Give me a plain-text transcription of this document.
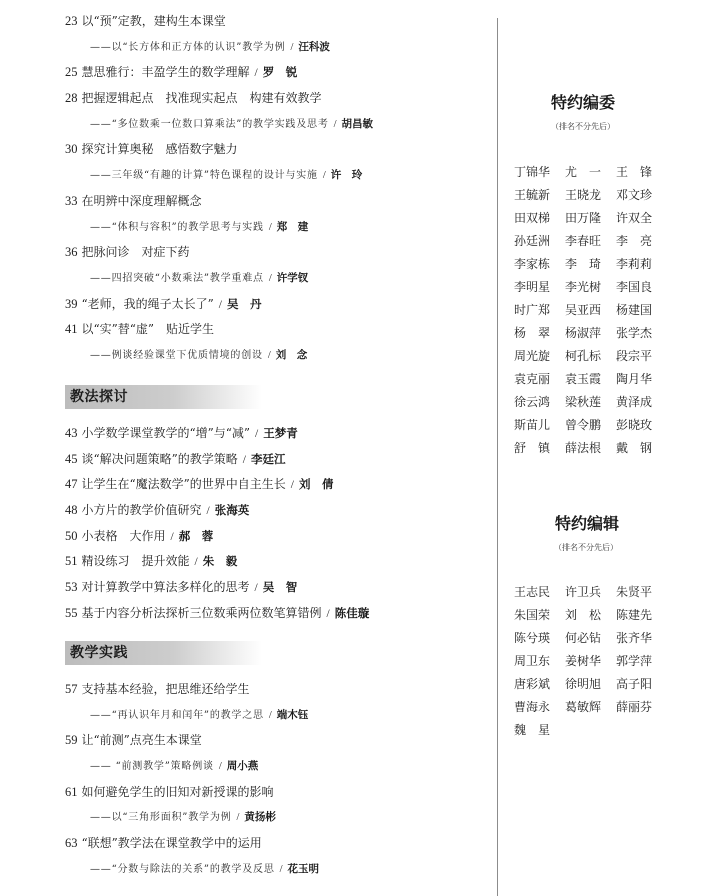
23 以“预”定教，建构生本课堂
——以“长方体和正方体的认识”教学为例 / 汪科波
25 慧思雅行：丰盈学生的数学理解 / 罗　锐
28 把握逻辑起点　找准现实起点　构建有效教学
——“多位数乘一位数口算乘法”的教学实践及思考 / 胡昌敏
30 探究计算奥秘　感悟数字魅力
——三年级“有趣的计算”特色课程的设计与实施 / 许　玲
33 在明辨中深度理解概念
——“体积与容积”的教学思考与实践 / 郑　建
36 把脉问诊　对症下药
——四招突破“小数乘法”教学重难点 / 许学钗
39 “老师，我的绳子太长了” / 吴　丹
41 以“实”替“虚”　贴近学生
——例谈经验课堂下优质情境的创设 / 刘　念
教法探讨
43 小学数学课堂教学的“增”与“减” / 王梦青
45 谈“解决问题策略”的教学策略 / 李廷江
47 让学生在“魔法数学”的世界中自主生长 / 刘　倩
48 小方片的教学价值研究 / 张海英
50 小表格　大作用 / 郝　蓉
51 精设练习　提升效能 / 朱　毅
53 对计算教学中算法多样化的思考 / 吴　智
55 基于内容分析法探析三位数乘两位数笔算错例 / 陈佳璇
教学实践
57 支持基本经验，把思维还给学生
——“再认识年月和闰年”的教学之思 / 端木钰
59 让“前测”点亮生本课堂
—— “前测教学”策略例谈 / 周小燕
61 如何避免学生的旧知对新授课的影响
——以“三角形面积”教学为例 / 黄扬彬
63 “联想”教学法在课堂教学中的运用
——“分数与除法的关系”的教学及反思 / 花玉明
特约编委
（排名不分先后）
丁锦华	尤　一	王　锋
王毓新	王晓龙	邓文珍
田双梯	田万隆	许双全
孙廷洲	李春旺	李　亮
李家栋	李　琦	李莉莉
李明星	李光树	李国良
时广郑	吴亚西	杨建国
杨　翠	杨淑萍	张学杰
周光旋	柯孔标	段宗平
袁克丽	袁玉霞	陶月华
徐云鸿	梁秋莲	黄泽成
斯苗儿	曾令鹏	彭晓玫
舒　镇	薛法根	戴　钢
特约编辑
（排名不分先后）
王志民	许卫兵	朱贤平
朱国荣	刘　松	陈建先
陈兮瑛	何必钻	张齐华
周卫东	姜树华	郭学萍
唐彩斌	徐明旭	高子阳
曹海永	葛敏辉	薛丽芬
魏　星
